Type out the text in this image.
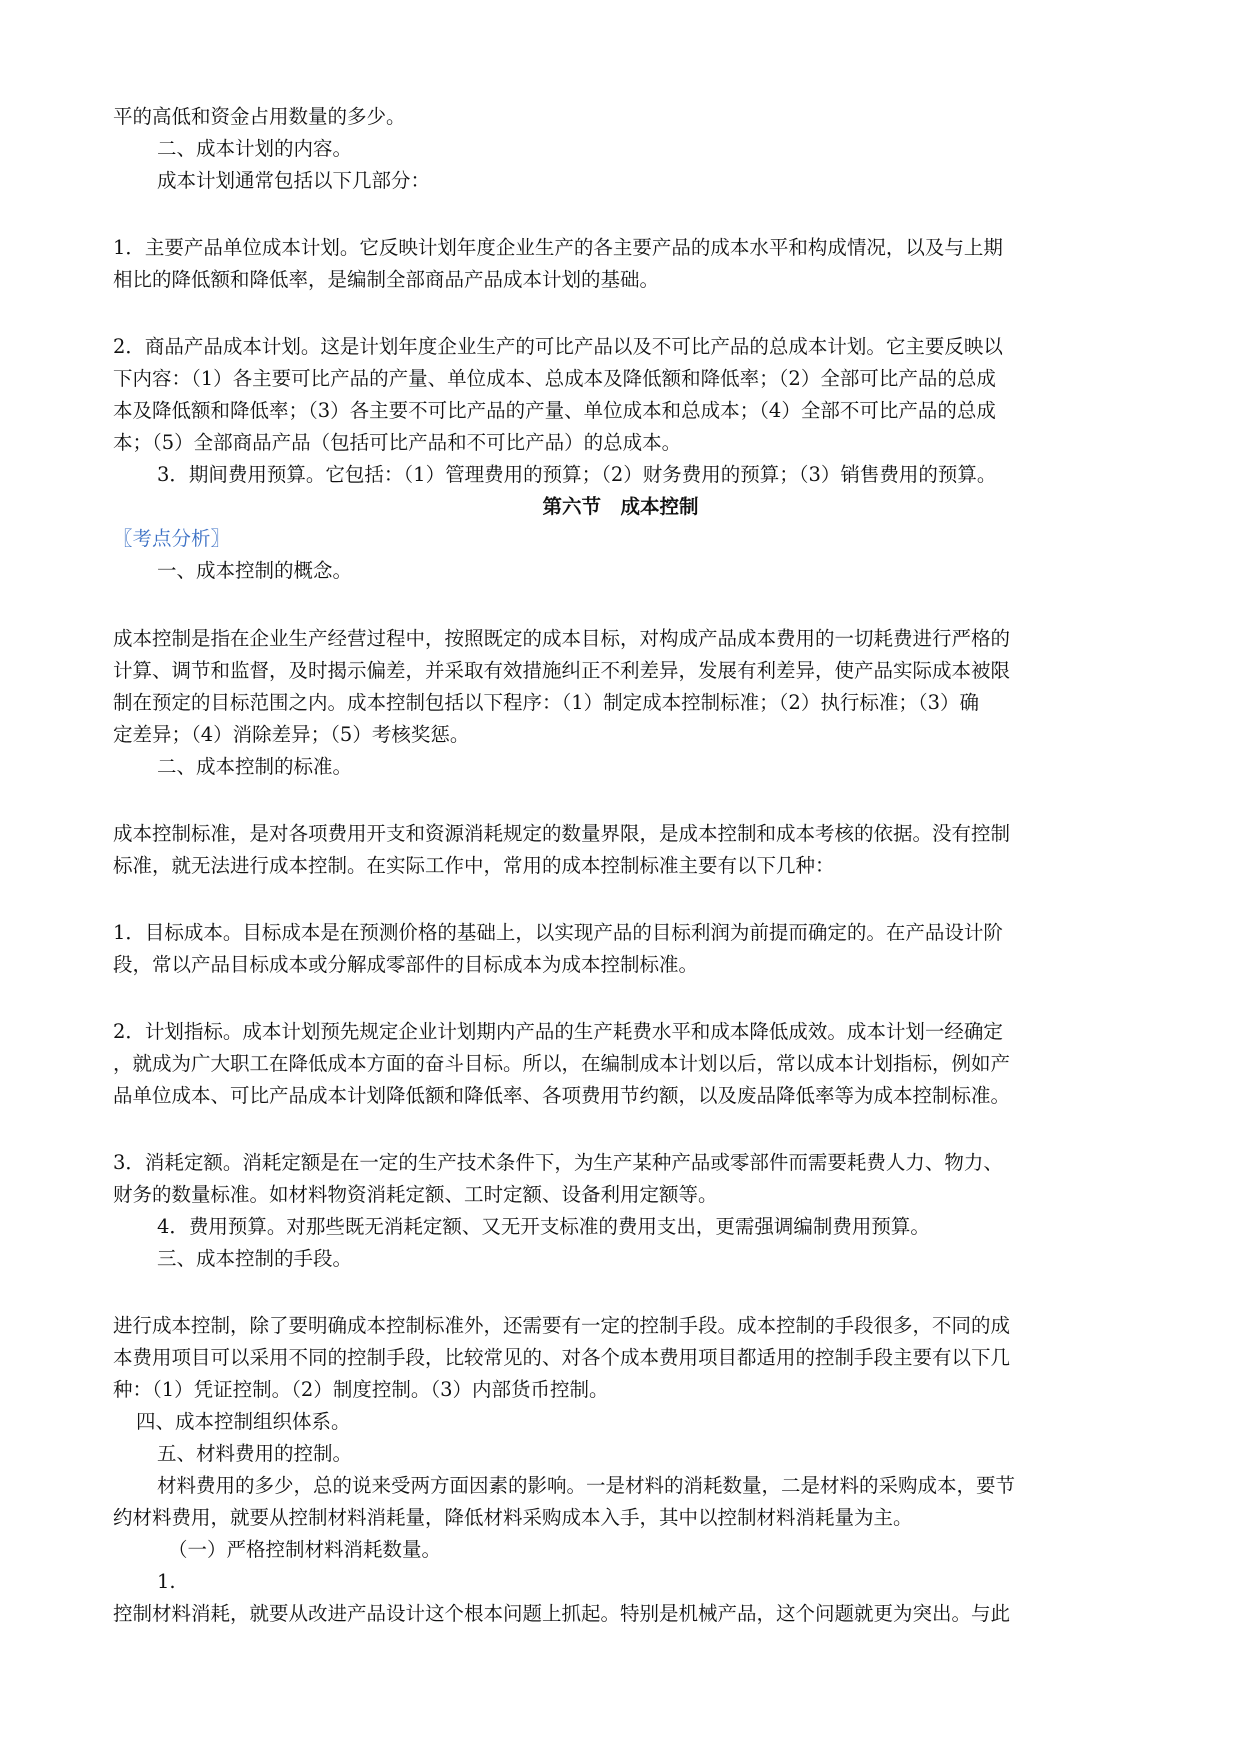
平的高低和资金占用数量的多少。
二、成本计划的内容。
成本计划通常包括以下几部分：
1．主要产品单位成本计划。它反映计划年度企业生产的各主要产品的成本水平和构成情况，以及与上期
相比的降低额和降低率，是编制全部商品产品成本计划的基础。
2．商品产品成本计划。这是计划年度企业生产的可比产品以及不可比产品的总成本计划。它主要反映以
下内容：（1）各主要可比产品的产量、单位成本、总成本及降低额和降低率；（2）全部可比产品的总成
本及降低额和降低率；（3）各主要不可比产品的产量、单位成本和总成本；（4）全部不可比产品的总成
本；（5）全部商品产品（包括可比产品和不可比产品）的总成本。
3．期间费用预算。它包括：（1）管理费用的预算；（2）财务费用的预算；（3）销售费用的预算。
第六节　成本控制
〖考点分析〗
一、成本控制的概念。
成本控制是指在企业生产经营过程中，按照既定的成本目标，对构成产品成本费用的一切耗费进行严格的
计算、调节和监督，及时揭示偏差，并采取有效措施纠正不利差异，发展有利差异，使产品实际成本被限
制在预定的目标范围之内。成本控制包括以下程序：（1）制定成本控制标准；（2）执行标准；（3）确
定差异；（4）消除差异；（5）考核奖惩。
二、成本控制的标准。
成本控制标准，是对各项费用开支和资源消耗规定的数量界限，是成本控制和成本考核的依据。没有控制
标准，就无法进行成本控制。在实际工作中，常用的成本控制标准主要有以下几种：
1．目标成本。目标成本是在预测价格的基础上，以实现产品的目标利润为前提而确定的。在产品设计阶
段，常以产品目标成本或分解成零部件的目标成本为成本控制标准。
2．计划指标。成本计划预先规定企业计划期内产品的生产耗费水平和成本降低成效。成本计划一经确定
，就成为广大职工在降低成本方面的奋斗目标。所以，在编制成本计划以后，常以成本计划指标，例如产
品单位成本、可比产品成本计划降低额和降低率、各项费用节约额，以及废品降低率等为成本控制标准。
3．消耗定额。消耗定额是在一定的生产技术条件下，为生产某种产品或零部件而需要耗费人力、物力、
财务的数量标准。如材料物资消耗定额、工时定额、设备利用定额等。
4．费用预算。对那些既无消耗定额、又无开支标准的费用支出，更需强调编制费用预算。
三、成本控制的手段。
进行成本控制，除了要明确成本控制标准外，还需要有一定的控制手段。成本控制的手段很多，不同的成
本费用项目可以采用不同的控制手段，比较常见的、对各个成本费用项目都适用的控制手段主要有以下几
种：（1）凭证控制。（2）制度控制。（3）内部货币控制。
四、成本控制组织体系。
五、材料费用的控制。
材料费用的多少，总的说来受两方面因素的影响。一是材料的消耗数量，二是材料的采购成本，要节
约材料费用，就要从控制材料消耗量，降低材料采购成本入手，其中以控制材料消耗量为主。
（一）严格控制材料消耗数量。
1.
控制材料消耗，就要从改进产品设计这个根本问题上抓起。特别是机械产品，这个问题就更为突出。与此
